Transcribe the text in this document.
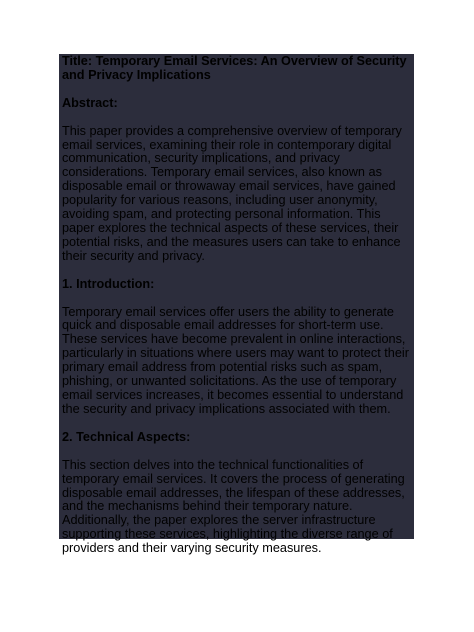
Title: Temporary Email Services: An Overview of Security and Privacy Implications

Abstract:

This paper provides a comprehensive overview of temporary email services, examining their role in contemporary digital communication, security implications, and privacy considerations. Temporary email services, also known as disposable email or throwaway email services, have gained popularity for various reasons, including user anonymity, avoiding spam, and protecting personal information. This paper explores the technical aspects of these services, their potential risks, and the measures users can take to enhance their security and privacy.

1. Introduction:

Temporary email services offer users the ability to generate quick and disposable email addresses for short-term use. These services have become prevalent in online interactions, particularly in situations where users may want to protect their primary email address from potential risks such as spam, phishing, or unwanted solicitations. As the use of temporary email services increases, it becomes essential to understand the security and privacy implications associated with them.

2. Technical Aspects:

This section delves into the technical functionalities of temporary email services. It covers the process of generating disposable email addresses, the lifespan of these addresses, and the mechanisms behind their temporary nature. Additionally, the paper explores the server infrastructure supporting these services, highlighting the diverse range of providers and their varying security measures.
